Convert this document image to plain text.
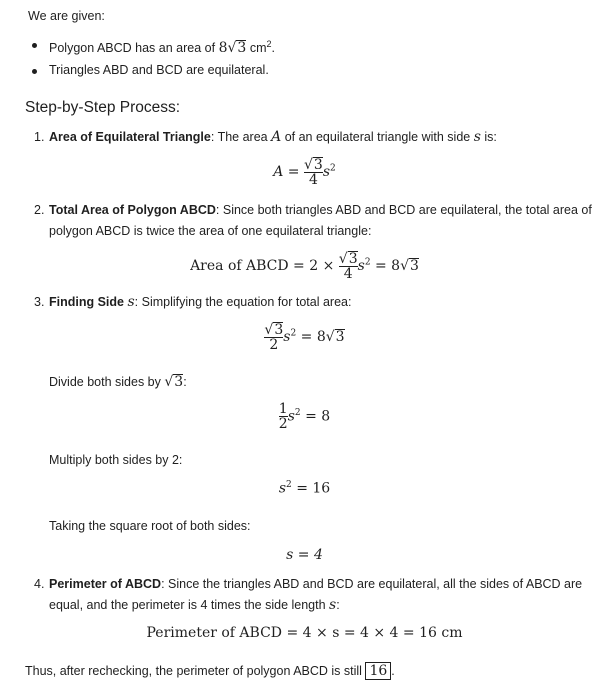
We are given:
Polygon ABCD has an area of 8√3 $cm^2$.
Triangles ABD and BCD are equilateral.
Step-by-Step Process:
1. Area of Equilateral Triangle: The area A of an equilateral triangle with side s is:
$A = \frac{√3}{4} s^2$
2. Total Area of Polygon ABCD: Since both triangles ABD and BCD are equilateral, the total area of
polygon ABCD is twice the area of one equilateral triangle:
Area of ABCD = $2 \times \frac{√3}{4} s^2 = 8√3$
3. Finding Side s: Simplifying the equation for total area:
$\frac{√3}{2} s^2 = 8√3$
Divide both sides by √3:
$\frac{1}{2} s^2 = 8$
Multiply both sides by 2:
$s^2 = 16$
Taking the square root of both sides:
s = 4
4. Perimeter of ABCD: Since the triangles ABD and BCD are equilateral, all the sides of ABCD are
equal, and the perimeter is 4 times the side length s:
Perimeter of ABCD = 4 × s = 4 × 4 = 16 cm
Thus, after rechecking, the perimeter of polygon ABCD is still 16 .
